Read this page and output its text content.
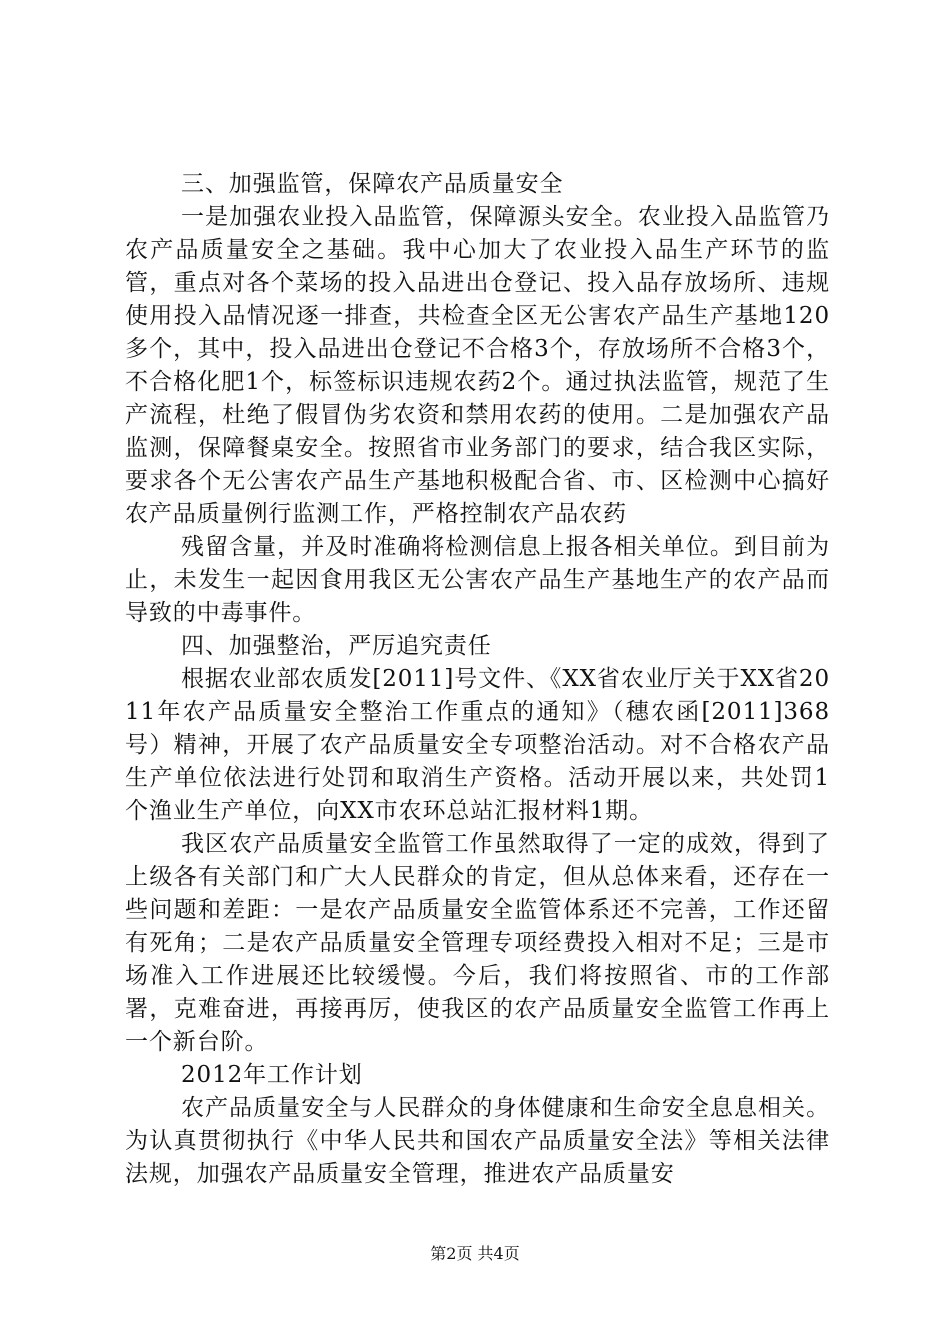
三、加强监管，保障农产品质量安全

一是加强农业投入品监管，保障源头安全。农业投入品监管乃农产品质量安全之基础。我中心加大了农业投入品生产环节的监管，重点对各个菜场的投入品进出仓登记、投入品存放场所、违规使用投入品情况逐一排查，共检查全区无公害农产品生产基地120多个，其中，投入品进出仓登记不合格3个，存放场所不合格3个，不合格化肥1个，标签标识违规农药2个。通过执法监管，规范了生产流程，杜绝了假冒伪劣农资和禁用农药的使用。二是加强农产品监测，保障餐桌安全。按照省市业务部门的要求，结合我区实际，要求各个无公害农产品生产基地积极配合省、市、区检测中心搞好农产品质量例行监测工作，严格控制农产品农药

残留含量，并及时准确将检测信息上报各相关单位。到目前为止，未发生一起因食用我区无公害农产品生产基地生产的农产品而导致的中毒事件。

四、加强整治，严厉追究责任

根据农业部农质发[2011]号文件、《XX省农业厅关于XX省2011年农产品质量安全整治工作重点的通知》（穗农函[2011]368号）精神，开展了农产品质量安全专项整治活动。对不合格农产品生产单位依法进行处罚和取消生产资格。活动开展以来，共处罚1个渔业生产单位，向XX市农环总站汇报材料1期。

我区农产品质量安全监管工作虽然取得了一定的成效，得到了上级各有关部门和广大人民群众的肯定，但从总体来看，还存在一些问题和差距：一是农产品质量安全监管体系还不完善，工作还留有死角；二是农产品质量安全管理专项经费投入相对不足；三是市场准入工作进展还比较缓慢。今后，我们将按照省、市的工作部署，克难奋进，再接再厉，使我区的农产品质量安全监管工作再上一个新台阶。

2012年工作计划

农产品质量安全与人民群众的身体健康和生命安全息息相关。为认真贯彻执行《中华人民共和国农产品质量安全法》等相关法律法规，加强农产品质量安全管理，推进农产品质量安

第2页 共4页
